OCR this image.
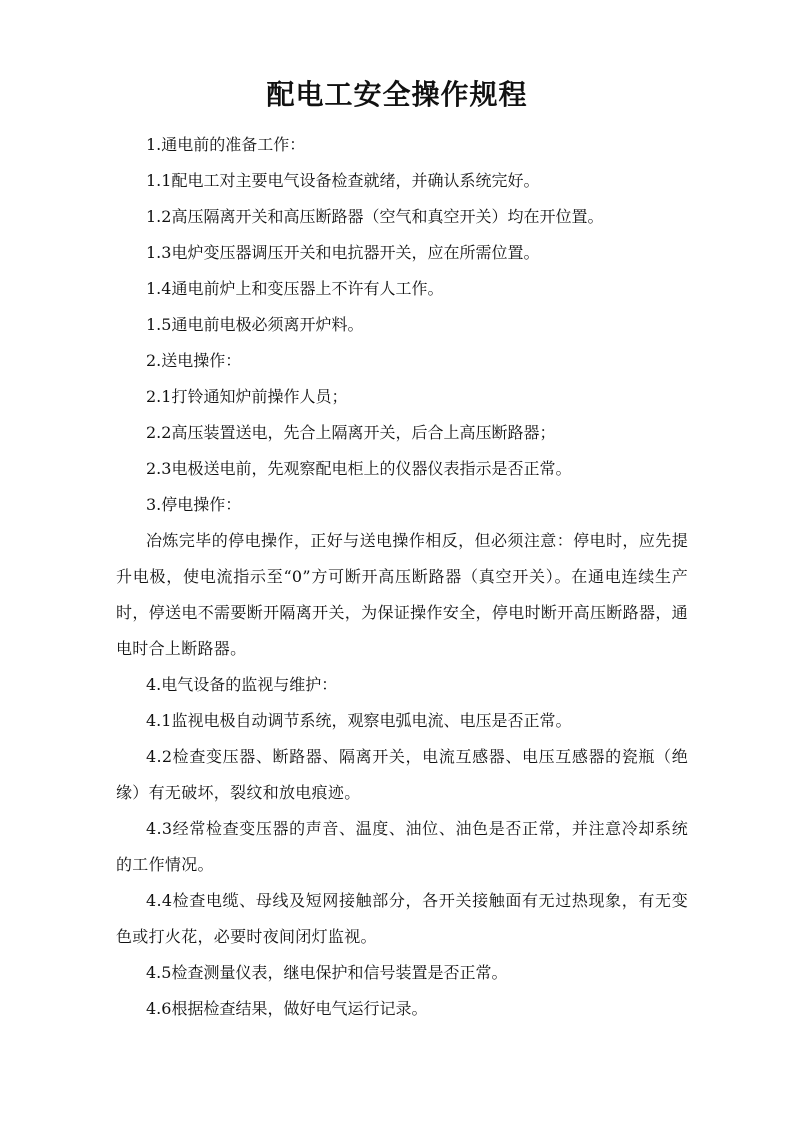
配电工安全操作规程

1.通电前的准备工作：

1.1配电工对主要电气设备检查就绪，并确认系统完好。

1.2高压隔离开关和高压断路器（空气和真空开关）均在开位置。

1.3电炉变压器调压开关和电抗器开关，应在所需位置。

1.4通电前炉上和变压器上不许有人工作。

1.5通电前电极必须离开炉料。

2.送电操作：

2.1打铃通知炉前操作人员；

2.2高压装置送电，先合上隔离开关，后合上高压断路器；

2.3电极送电前，先观察配电柜上的仪器仪表指示是否正常。

3.停电操作：

冶炼完毕的停电操作，正好与送电操作相反，但必须注意：停电时，应先提 升电极，使电流指示至“0”方可断开高压断路器（真空开关）。在通电连续生产 时，停送电不需要断开隔离开关，为保证操作安全，停电时断开高压断路器，通 电时合上断路器。

4.电气设备的监视与维护：

4.1监视电极自动调节系统，观察电弧电流、电压是否正常。

4.2检查变压器、断路器、隔离开关，电流互感器、电压互感器的瓷瓶（绝缘）有无破坏，裂纹和放电痕迹。

4.3经常检查变压器的声音、温度、油位、油色是否正常，并注意冷却系统的工作情况。

4.4检查电缆、母线及短网接触部分，各开关接触面有无过热现象，有无变色或打火花，必要时夜间闭灯监视。

4.5检查测量仪表，继电保护和信号装置是否正常。

4.6根据检查结果，做好电气运行记录。
